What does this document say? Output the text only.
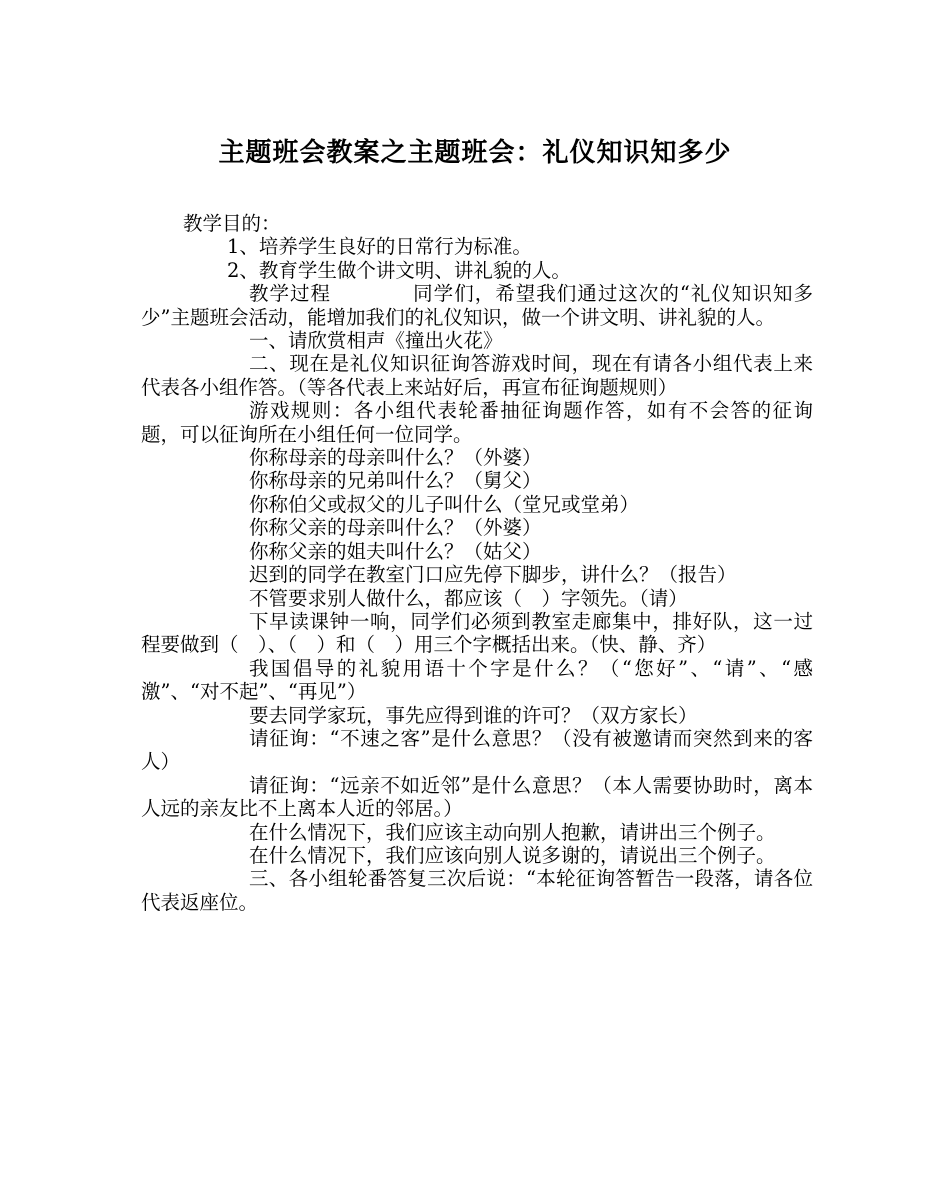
主题班会教案之主题班会：礼仪知识知多少

教学目的：

1、培养学生良好的日常行为标准。

2、教育学生做个讲文明、讲礼貌的人。

教学过程　　　　同学们，希望我们通过这次的“礼仪知识知多少”主题班会活动，能增加我们的礼仪知识，做一个讲文明、讲礼貌的人。

一、请欣赏相声《撞出火花》

二、现在是礼仪知识征询答游戏时间，现在有请各小组代表上来代表各小组作答。（等各代表上来站好后，再宣布征询题规则）

游戏规则：各小组代表轮番抽征询题作答，如有不会答的征询题，可以征询所在小组任何一位同学。

你称母亲的母亲叫什么？（外婆）

你称母亲的兄弟叫什么？（舅父）

你称伯父或叔父的儿子叫什么（堂兄或堂弟）

你称父亲的母亲叫什么？（外婆）

你称父亲的姐夫叫什么？（姑父）

迟到的同学在教室门口应先停下脚步，讲什么？（报告）

不管要求别人做什么，都应该（　）字领先。（请）

下早读课钟一响，同学们必须到教室走廊集中，排好队，这一过程要做到（　）、（　）和（　）用三个字概括出来。（快、静、齐）

我国倡导的礼貌用语十个字是什么？（“您好”、“请”、“感激”、“对不起”、“再见”）

要去同学家玩，事先应得到谁的许可？（双方家长）

请征询：“不速之客”是什么意思？（没有被邀请而突然到来的客人）

请征询：“远亲不如近邻”是什么意思？（本人需要协助时，离本人远的亲友比不上离本人近的邻居。）

在什么情况下，我们应该主动向别人抱歉，请讲出三个例子。

在什么情况下，我们应该向别人说多谢的，请说出三个例子。

三、各小组轮番答复三次后说：“本轮征询答暂告一段落，请各位代表返座位。
